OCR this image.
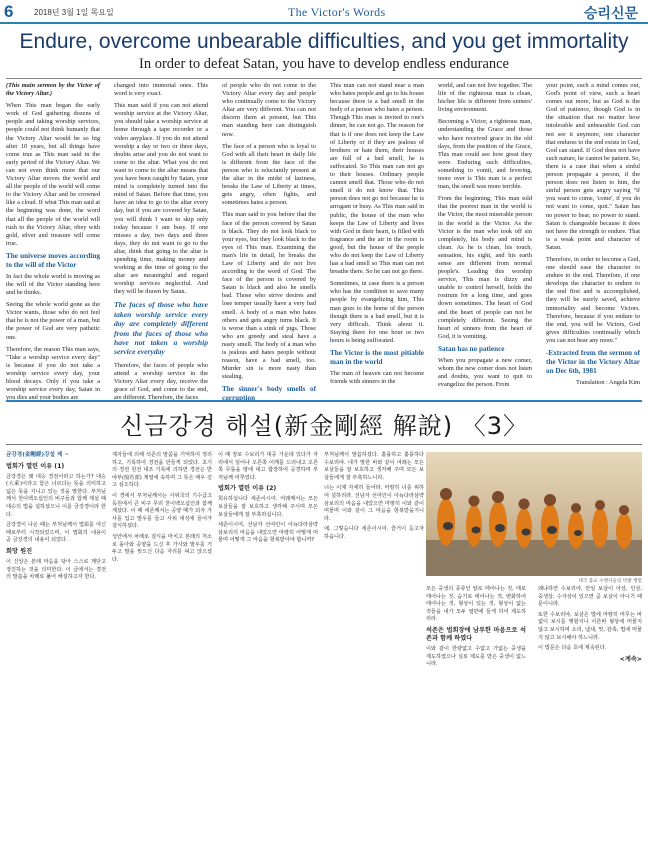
6	2018년 3월 1일 목요일	The Victor's Words	승리신문
Endure, overcome unbearable difficulties, and you get immortality
In order to defeat Satan, you have to develop endless endurance

(This main sermon by the Victor of the Victory Altar.)

When This man began the early work of God gathering dozens of people and taking worship services, people could not think humanly that the Victory Altar would be so big after 10 years, but all things have come true as This man said in the early period of the Victory Altar. We can not even think more that our Victory Altar moves the world and all the people of the world will come to the Victory Altar and be crowned like a cloud. If what This man said at the beginning was done, the word that all the people of the world will rush to the Victory Altar, obey with gold, silver and treasure will come true.

The universe moves according to the will of the Victor

In fact the whole world is moving as the will of the Victor standing here and he thinks.

Seeing the whole world gone as the Victor wants, those who do not feel that he is not the power of a man, but the power of God are very pathetic one.

Therefore, the reason This man says, "Take a worship service every day" is because if you do not take a worship service every day, your blood decays. Only if you take a worship service every day, Satan in you dies and your bodies are

changed into immortal ones. This word is very exact.

This man said if you can not attend worship service at the Victory Altar, you should take a worship service at home through a tape recorder or a video anyplace. If you do not attend worship a day or two or three days, doubts arise and you do not want to come to the altar. What you do not want to come to the altar means that you have been caught by Satan, your mind is completely turned into the mind of Satan. Before that time, you have an idea to go to the altar every day, but if you are covered by Satan, you will think I want to skip only today because I am busy. If one misses a day, two days and three days, they do not want to go to the altar, think that going to the altar is spending time, making money and working at the time of going to the altar are meaningful and regard worship services neglectful. And they will be drawn by Satan.

The faces of those who have taken worship service every day are completely different from the faces of those who have not taken a worship service everyday

Therefore, the faces of people who attend a worship service in the Victory Altar every day, receive the grace of God, and come to the end, are different. Therefore, the faces

of people who do not come to the Victory Altar every day and people who continually come to the Victory Altar are very different. You can not discern them at present, but This man standing here can distinguish now.

The face of a person who is loyal to God with all their heart in daily life is different from the face of the person who is reluctantly present at the altar in the midst of laziness, breaks the Law of Liberty at times, gets angry, often fights, and sometimes hates a person.

This man said to you before that the face of the person covered by Satan is black. They do not look black to your eyes, but they look black to the eyes of This man. Examining the man's life in detail, he breaks the Law of Liberty and do not live according to the word of God. The face of the person is covered by Satan is black and also he smells bad. Those who strive desires and lose temper usually have a very bad smell. A body of a man who hates others and gets angry turns black. It is worse than a stink of pigs. Those who are greedy and steal have a nasty smell. The body of a man who is jealous and hates people without reason, have a bad smell, too. Murder sin is more nasty than stealing.

The sinner's body smells of corruption

This man can not stand near a man who hates people and go to his house because there is a bad smell in the body of a person who hates a person. Though This man is invited to one's dinner, he can not go. The reason for that is if one does not keep the Law of Liberty or if they are jealous of brothers or hate them, their houses are full of a bad smell, he is suffocated. So This man can not go to their houses. Ordinary people cannot smell that. Those who do not smell it do not know that. This person does not go not because he is arrogant or busy. As This man said in public, the house of the man who keeps the Law of Liberty and lives with God in their heart, is filled with fragrance and the air in the room is good, but the house of the people who do not keep the Law of Liberty has a bad smell so This man can not breathe there. So he can not go there.

Sometimes, in case there is a person who has the condition to save many people by evangelizing him, This man goes to the home of the person though there is a bad smell, but it is very difficult. Think about it. Staying there for one hour or two hours is being suffocated.

The Victor is the most pitiable man in the world

The man of heaven can not become friends with sinners in the

world, and can not live together. The life of the righteous man is clean, his/her life is different from sinners' living environment.

Becoming a Victor, a righteous man, understanding the Grace and those who have received grace in the old days, from the position of the Grace, This man could see how great they were. Enduring such difficulties, something to vomit, and fevering, more over is This man is a perfect man, the smell was more terrible.

From the beginning, This man told that the poorest man in the world is the Victor, the most miserable person in the world is the Victor. As the Victor is the man who took off sin completely, his body and mind is clean. As he is clean, his touch, sensation, his sight, and his earth sense are different from normal people's. Leading this worship service, This man is dizzy and unable to control herself, holds the rostrum for a long time, and goes down sometimes. The heart of God and the heart of people can not be completely different. Seeing the heart of sinners from the heart of God, it is vomiting.

Satan has no patience

When you propagate a new comer, whom the new comer does not listen and doubts, you want to quit to evangelize the person. From

your point, such a mind comes out, God's point of view, such a heart comes out more, but as God is the God of patience, though God is in the situation that no matter how intolerable and unbearable God can not see it anymore, one character that endures to the end exists in God, God can stand. If God does not have such nature, he cannot be patient. So, there is a case that when a sinful person propagate a person, if the person does not listen to him, the sinful person gets angry saying "if you want to come, 'come', if you do not want to come, quit." Satan has no power to bear, no power to stand. Satan is changeable because it does not have the strength to endure. That is a weak point and character of Satan.

Therefore, in order to become a God, one should ease the character to endure to the end. Therefore, if one develops the character to endure to the end first and is accomplished, they will be surely saved, achieve immortality and become Victors. Therefore, because if you endure to the end, you will be Victors, God gives difficulties continually which you can not bear any more."

-Extracted from the sermon of the Victor in the Victory Altar on Dec 6th, 1981

Translation : Angela Kim

신금강경 해설(新金剛經 解說) 〈3〉

금강경(金剛經)강설 제 ~

법회가 열린 이유 (1)

금강경은 왜 대승 경전이라고 하는가? 대승(大乘)이라고 함은 너르다는 뜻을 의미하고 넓은 뜻을 지니고 있는 것을 말한다. 부처님께서 천이백오십인의 비구들과 함께 계실 때 대승의 법을 설하셨으니 이를 금강경이라 한다.

금강경이 나온 때는 부처님께서 법회를 여신 때로부터 시작되었으며, 이 법회의 내용이 곧 금강경의 내용이 되었다.

희망 원진

이 신앙은 본래 마음을 닦아 스스로 깨닫고 정진하는 것을 의미한다. 이 글에서는 경전의 말씀을 차례로 풀어 해설하고자 한다.

제자들에 의해 석존의 말씀을 기억하여 정리하고, 기록하여 경전을 만들게 되었다. 초기의 경전 원전 대조 기록에 의하면 경전은 반야부(般若部) 계열에 속하며 그 뜻은 매우 깊고 심오하다.

이 경에서 부처님께서는 사위국의 기수급고독원에서 큰 비구 무리 천이백오십인과 함께 계셨다. 이 때 세존께서는 공양 때가 되자 가사를 입고 발우를 들고 사위 대성에 들어가 걸식하셨다.

성안에서 차례로 걸식을 마치고 본래의 처소로 돌아와 공양을 드신 후 가사와 발우를 거두고 발을 씻으신 다음 자리를 펴고 앉으셨다.

이 때 장로 수보리가 대중 가운데 있다가 자리에서 일어나 오른쪽 어깨를 드러내고 오른쪽 무릎을 땅에 대고 합장하여 공경하며 부처님께 여쭈었다.

법회가 열린 이유 (2)

희유하십니다 세존이시여. 여래께서는 모든 보살들을 잘 보호하고 생각해 주시며 모든 보살들에게 잘 부촉하십니다.

세존이시여, 선남자 선여인이 아뇩다라삼먁삼보리의 마음을 내었으면 마땅히 어떻게 머물며 어떻게 그 마음을 항복받아야 합니까?

부처님께서 말씀하셨다. 훌륭하고 훌륭하다 수보리야. 네가 말한 바와 같이 여래는 모든 보살들을 잘 보호하고 생각해 주며 모든 보살들에게 잘 부촉하느니라.

너는 이제 자세히 들어라. 마땅히 너를 위하여 설하리라. 선남자 선여인이 아뇩다라삼먁삼보리의 마음을 내었으면 마땅히 이와 같이 머물며 이와 같이 그 마음을 항복받을지니라.

예, 그렇습니다 세존이시여. 즐거이 듣고자 하옵니다.

태국 불교 수행자들의 탁발 행렬

모든 중생의 종류인 알로 태어나는 것, 태로 태어나는 것, 습기로 태어나는 것, 변화하여 태어나는 것, 형상이 있는 것, 형상이 없는 것들을 내가 모두 열반에 들게 하여 제도하리라.

석존은 법회장에 남루한 마음으로 석존과 함께 하였다

이와 같이 한량없고 수없고 가없는 중생을 제도하였으나 실로 제도를 받은 중생이 없느니라.

왜냐하면 수보리야, 만일 보살이 아상, 인상, 중생상, 수자상이 있으면 곧 보살이 아니기 때문이니라.

또한 수보리야, 보살은 법에 마땅히 머무는 바 없이 보시를 행할지니 이른바 형상에 머물지 않고 보시하며 소리, 냄새, 맛, 감촉, 법에 머물지 않고 보시해야 하느니라.

이 법문은 다음 호에 계속된다.

<계속>
